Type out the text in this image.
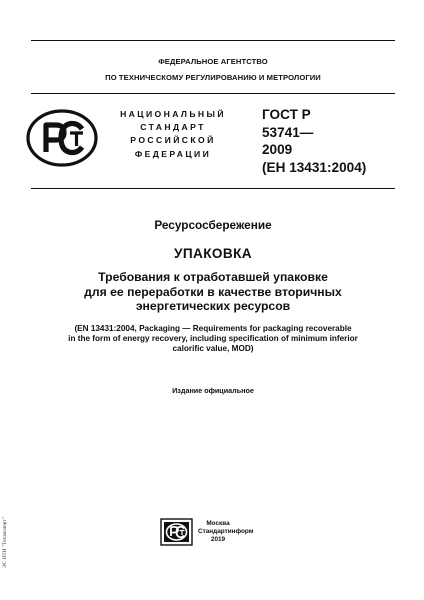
ФЕДЕРАЛЬНОЕ АГЕНТСТВО
ПО ТЕХНИЧЕСКОМУ РЕГУЛИРОВАНИЮ И МЕТРОЛОГИИ
НАЦИОНАЛЬНЫЙ
СТАНДАРТ
РОССИЙСКОЙ
ФЕДЕРАЦИИ
ГОСТ Р
53741—
2009
(ЕН 13431:2004)
Ресурсосбережение
УПАКОВКА
Требования к отработавшей упаковке
для ее переработки в качестве вторичных
энергетических ресурсов
(EN 13431:2004, Packaging — Requirements for packaging recoverable
in the form of energy recovery, including specification of minimum inferior
calorific value, MOD)
Издание официальное
Москва
Стандартинформ
2019
ЭС НТИ "Техэксперт"
